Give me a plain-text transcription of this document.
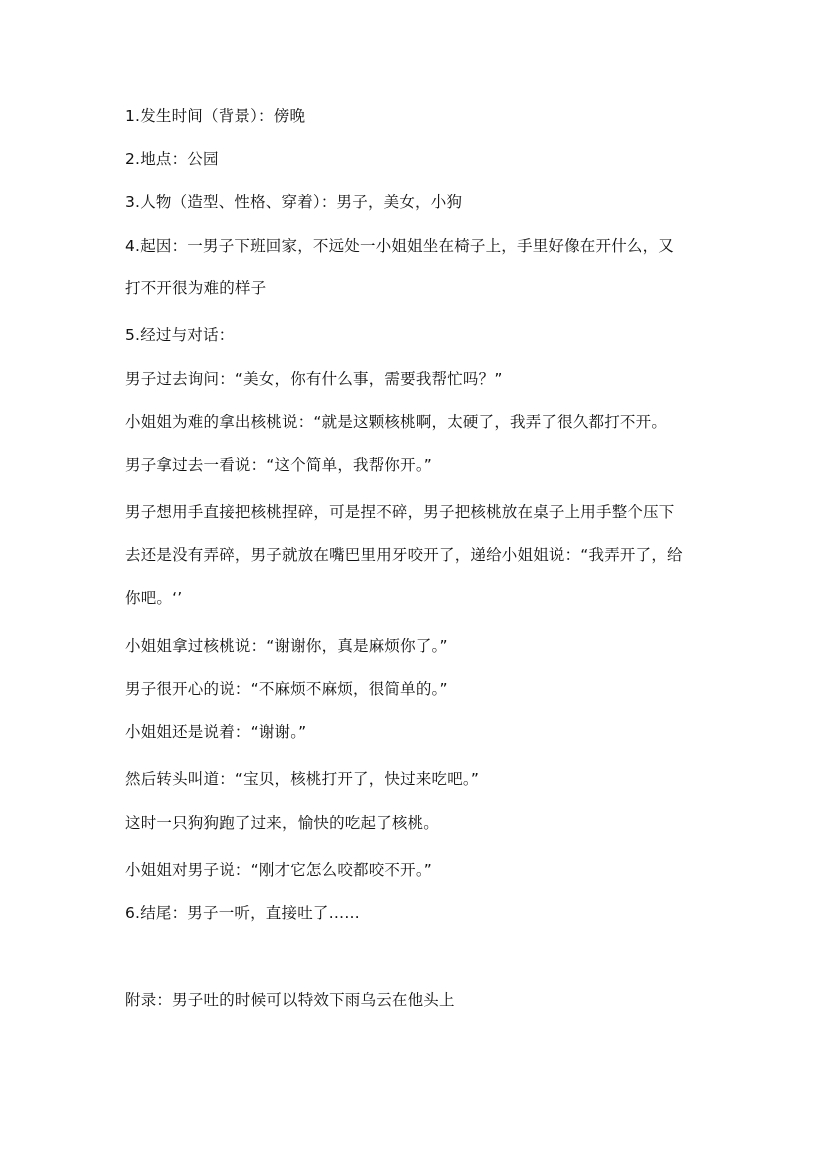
1.发生时间（背景）：傍晚
2.地点：公园
3.人物（造型、性格、穿着）：男子，美女，小狗
4.起因：一男子下班回家，不远处一小姐姐坐在椅子上，手里好像在开什么，又
打不开很为难的样子
5.经过与对话：
男子过去询问：“美女，你有什么事，需要我帮忙吗？”
小姐姐为难的拿出核桃说：“就是这颗核桃啊，太硬了，我弄了很久都打不开。
男子拿过去一看说：“这个简单，我帮你开。”
男子想用手直接把核桃捏碎，可是捏不碎，男子把核桃放在桌子上用手整个压下
去还是没有弄碎，男子就放在嘴巴里用牙咬开了，递给小姐姐说：“我弄开了，给
你吧。‘’
小姐姐拿过核桃说：“谢谢你，真是麻烦你了。”
男子很开心的说：“不麻烦不麻烦，很简单的。”
小姐姐还是说着：“谢谢。”
然后转头叫道：“宝贝，核桃打开了，快过来吃吧。”
这时一只狗狗跑了过来，愉快的吃起了核桃。
小姐姐对男子说：“刚才它怎么咬都咬不开。”
6.结尾：男子一听，直接吐了……
附录：男子吐的时候可以特效下雨乌云在他头上
